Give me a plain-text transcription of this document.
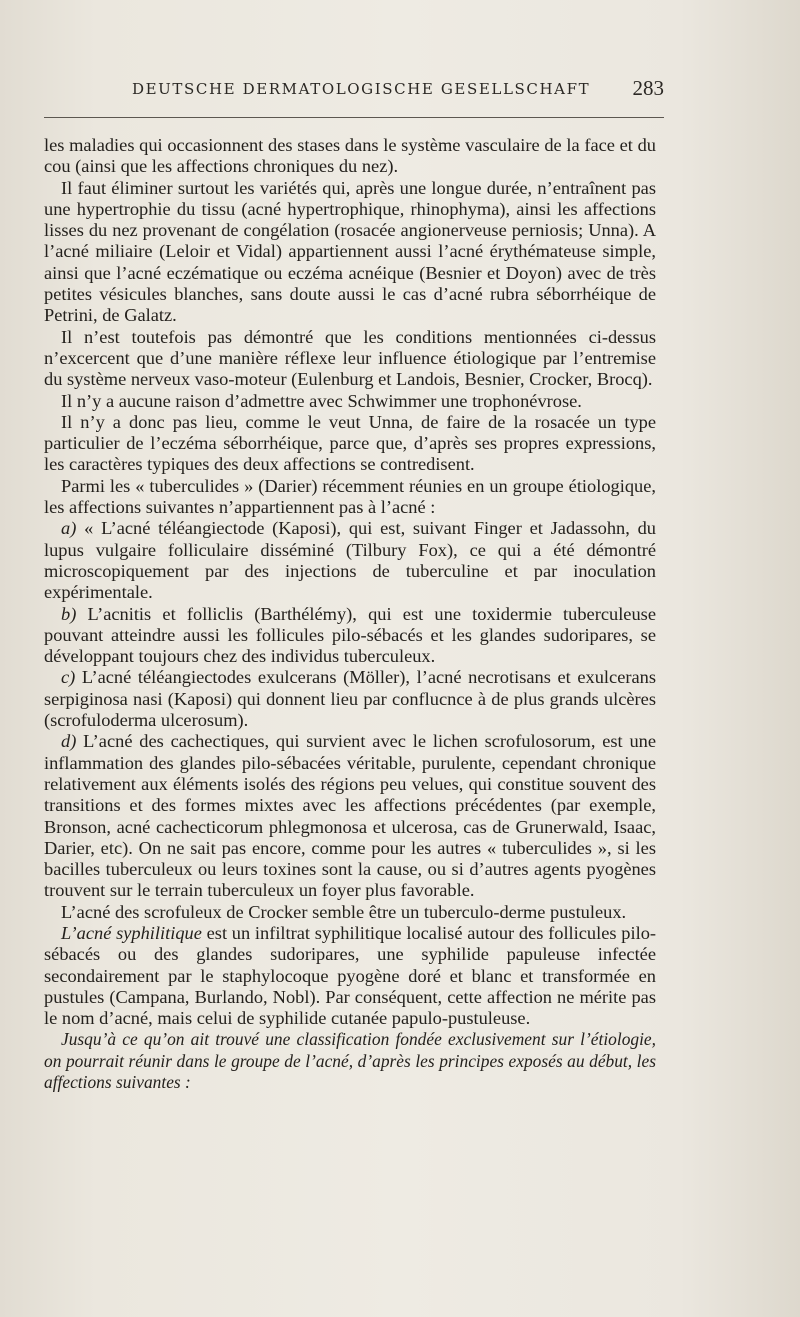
DEUTSCHE DERMATOLOGISCHE GESELLSCHAFT 283

les maladies qui occasionnent des stases dans le système vasculaire de la face et du cou (ainsi que les affections chroniques du nez).

Il faut éliminer surtout les variétés qui, après une longue durée, n’entraînent pas une hypertrophie du tissu (acné hypertrophique, rhinophyma), ainsi les affections lisses du nez provenant de congélation (rosacée angionerveuse perniosis; Unna). A l’acné miliaire (Leloir et Vidal) appartiennent aussi l’acné érythémateuse simple, ainsi que l’acné eczématique ou eczéma acnéique (Besnier et Doyon) avec de très petites vésicules blanches, sans doute aussi le cas d’acné rubra séborrhéique de Petrini, de Galatz.

Il n’est toutefois pas démontré que les conditions mentionnées ci-dessus n’excercent que d’une manière réflexe leur influence étiologique par l’entremise du système nerveux vaso-moteur (Eulenburg et Landois, Besnier, Crocker, Brocq).

Il n’y a aucune raison d’admettre avec Schwimmer une trophonévrose.

Il n’y a donc pas lieu, comme le veut Unna, de faire de la rosacée un type particulier de l’eczéma séborrhéique, parce que, d’après ses propres expressions, les caractères typiques des deux affections se contredisent.

Parmi les « tuberculides » (Darier) récemment réunies en un groupe étiologique, les affections suivantes n’appartiennent pas à l’acné :

a) « L’acné téléangiectode (Kaposi), qui est, suivant Finger et Jadassohn, du lupus vulgaire folliculaire disséminé (Tilbury Fox), ce qui a été démontré microscopiquement par des injections de tuberculine et par inoculation expérimentale.

b) L’acnitis et folliclis (Barthélémy), qui est une toxidermie tuberculeuse pouvant atteindre aussi les follicules pilo-sébacés et les glandes sudoripares, se développant toujours chez des individus tuberculeux.

c) L’acné téléangiectodes exulcerans (Möller), l’acné necrotisans et exulcerans serpiginosa nasi (Kaposi) qui donnent lieu par conflucnce à de plus grands ulcères (scrofuloderma ulcerosum).

d) L’acné des cachectiques, qui survient avec le lichen scrofulosorum, est une inflammation des glandes pilo-sébacées véritable, purulente, cependant chronique relativement aux éléments isolés des régions peu velues, qui constitue souvent des transitions et des formes mixtes avec les affections précédentes (par exemple, Bronson, acné cachecticorum phlegmonosa et ulcerosa, cas de Grunerwald, Isaac, Darier, etc). On ne sait pas encore, comme pour les autres « tuberculides », si les bacilles tuberculeux ou leurs toxines sont la cause, ou si d’autres agents pyogènes trouvent sur le terrain tuberculeux un foyer plus favorable.

L’acné des scrofuleux de Crocker semble être un tuberculo-derme pustuleux.

L’acné syphilitique est un infiltrat syphilitique localisé autour des follicules pilo-sébacés ou des glandes sudoripares, une syphilide papuleuse infectée secondairement par le staphylocoque pyogène doré et blanc et transformée en pustules (Campana, Burlando, Nobl). Par conséquent, cette affection ne mérite pas le nom d’acné, mais celui de syphilide cutanée papulo-pustuleuse.

Jusqu’à ce qu’on ait trouvé une classification fondée exclusivement sur l’étiologie, on pourrait réunir dans le groupe de l’acné, d’après les principes exposés au début, les affections suivantes :
